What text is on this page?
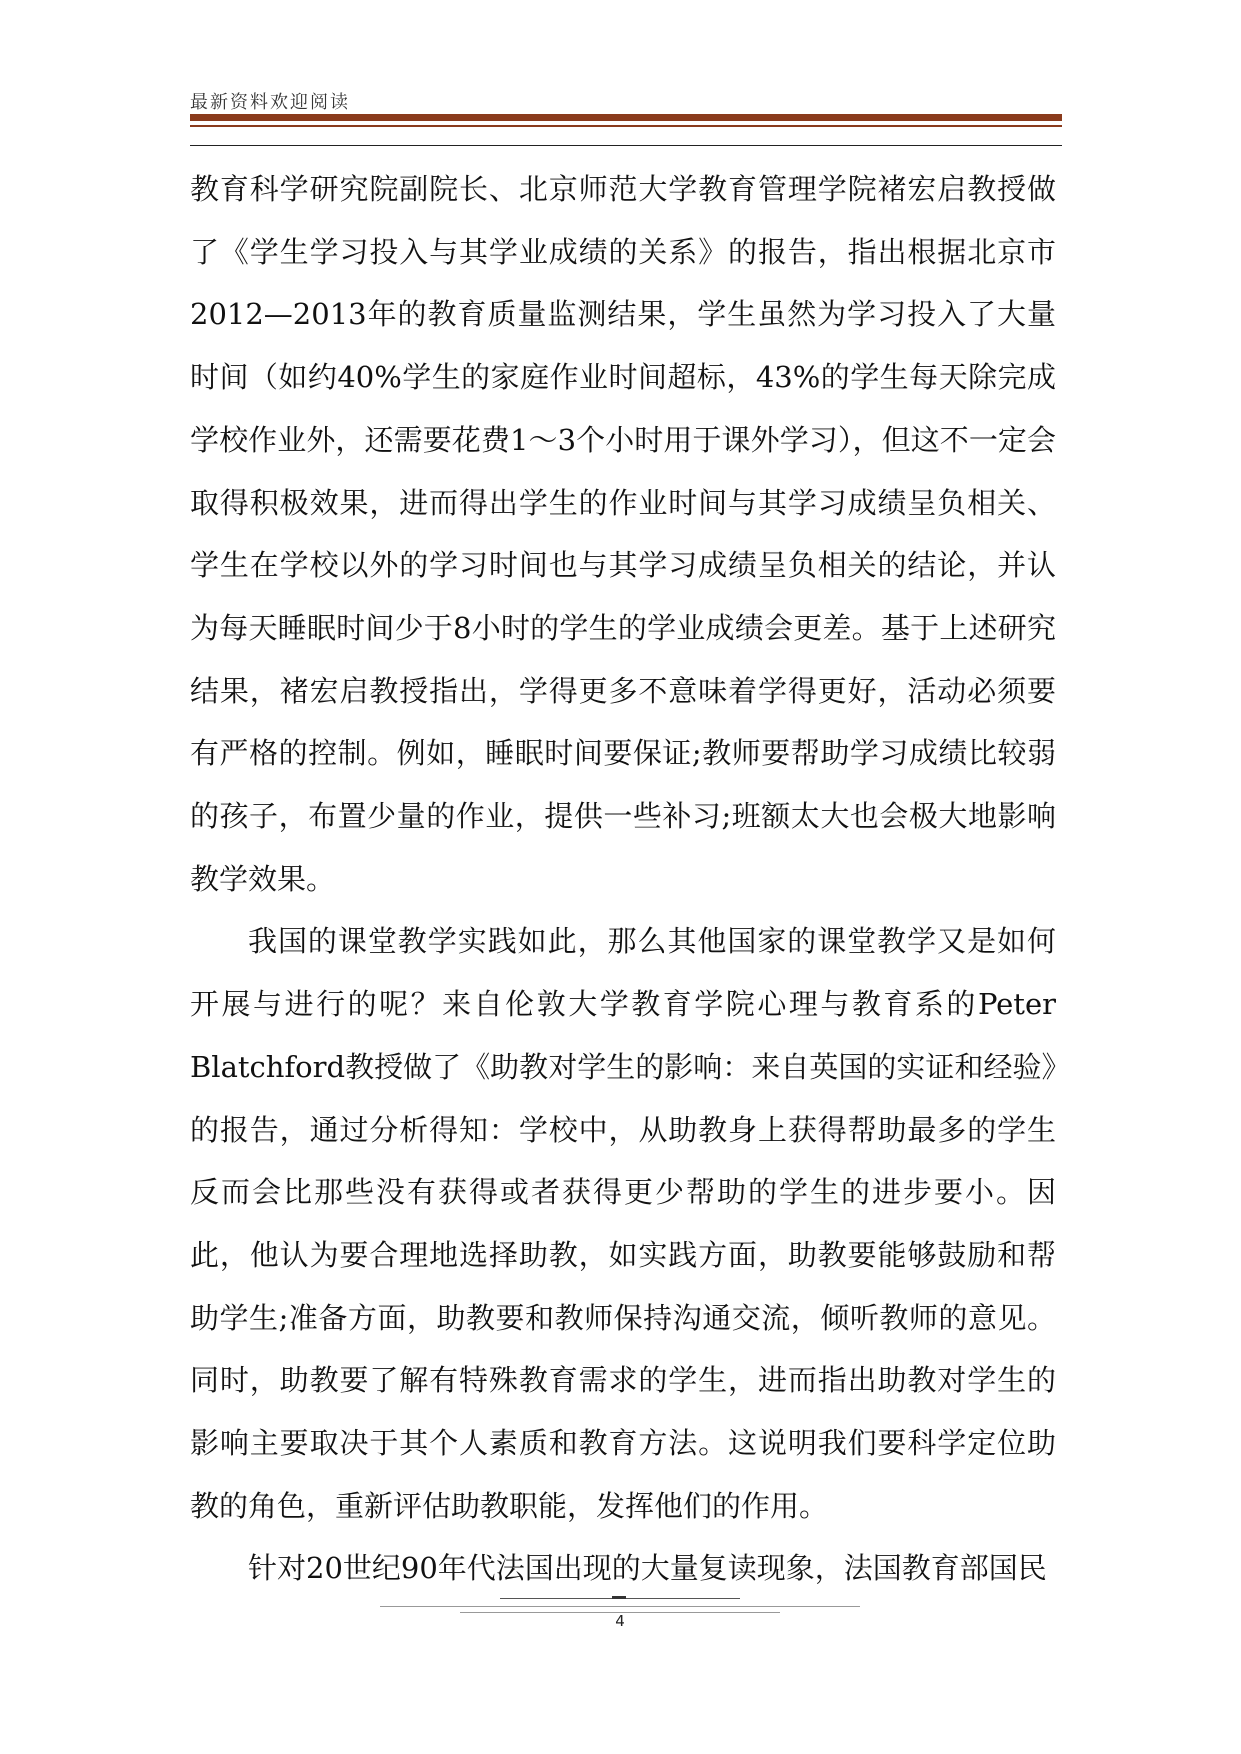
最新资料欢迎阅读

教育科学研究院副院长、北京师范大学教育管理学院褚宏启教授做了《学生学习投入与其学业成绩的关系》的报告，指出根据北京市2012—2013年的教育质量监测结果，学生虽然为学习投入了大量时间（如约40%学生的家庭作业时间超标，43%的学生每天除完成学校作业外，还需要花费1～3个小时用于课外学习），但这不一定会取得积极效果，进而得出学生的作业时间与其学习成绩呈负相关、学生在学校以外的学习时间也与其学习成绩呈负相关的结论，并认为每天睡眠时间少于8小时的学生的学业成绩会更差。基于上述研究结果，褚宏启教授指出，学得更多不意味着学得更好，活动必须要有严格的控制。例如，睡眠时间要保证;教师要帮助学习成绩比较弱的孩子，布置少量的作业，提供一些补习;班额太大也会极大地影响教学效果。

我国的课堂教学实践如此，那么其他国家的课堂教学又是如何开展与进行的呢？来自伦敦大学教育学院心理与教育系的Peter Blatchford教授做了《助教对学生的影响：来自英国的实证和经验》的报告，通过分析得知：学校中，从助教身上获得帮助最多的学生反而会比那些没有获得或者获得更少帮助的学生的进步要小。因此，他认为要合理地选择助教，如实践方面，助教要能够鼓励和帮助学生;准备方面，助教要和教师保持沟通交流，倾听教师的意见。同时，助教要了解有特殊教育需求的学生，进而指出助教对学生的影响主要取决于其个人素质和教育方法。这说明我们要科学定位助教的角色，重新评估助教职能，发挥他们的作用。

针对20世纪90年代法国出现的大量复读现象，法国教育部国民

4
